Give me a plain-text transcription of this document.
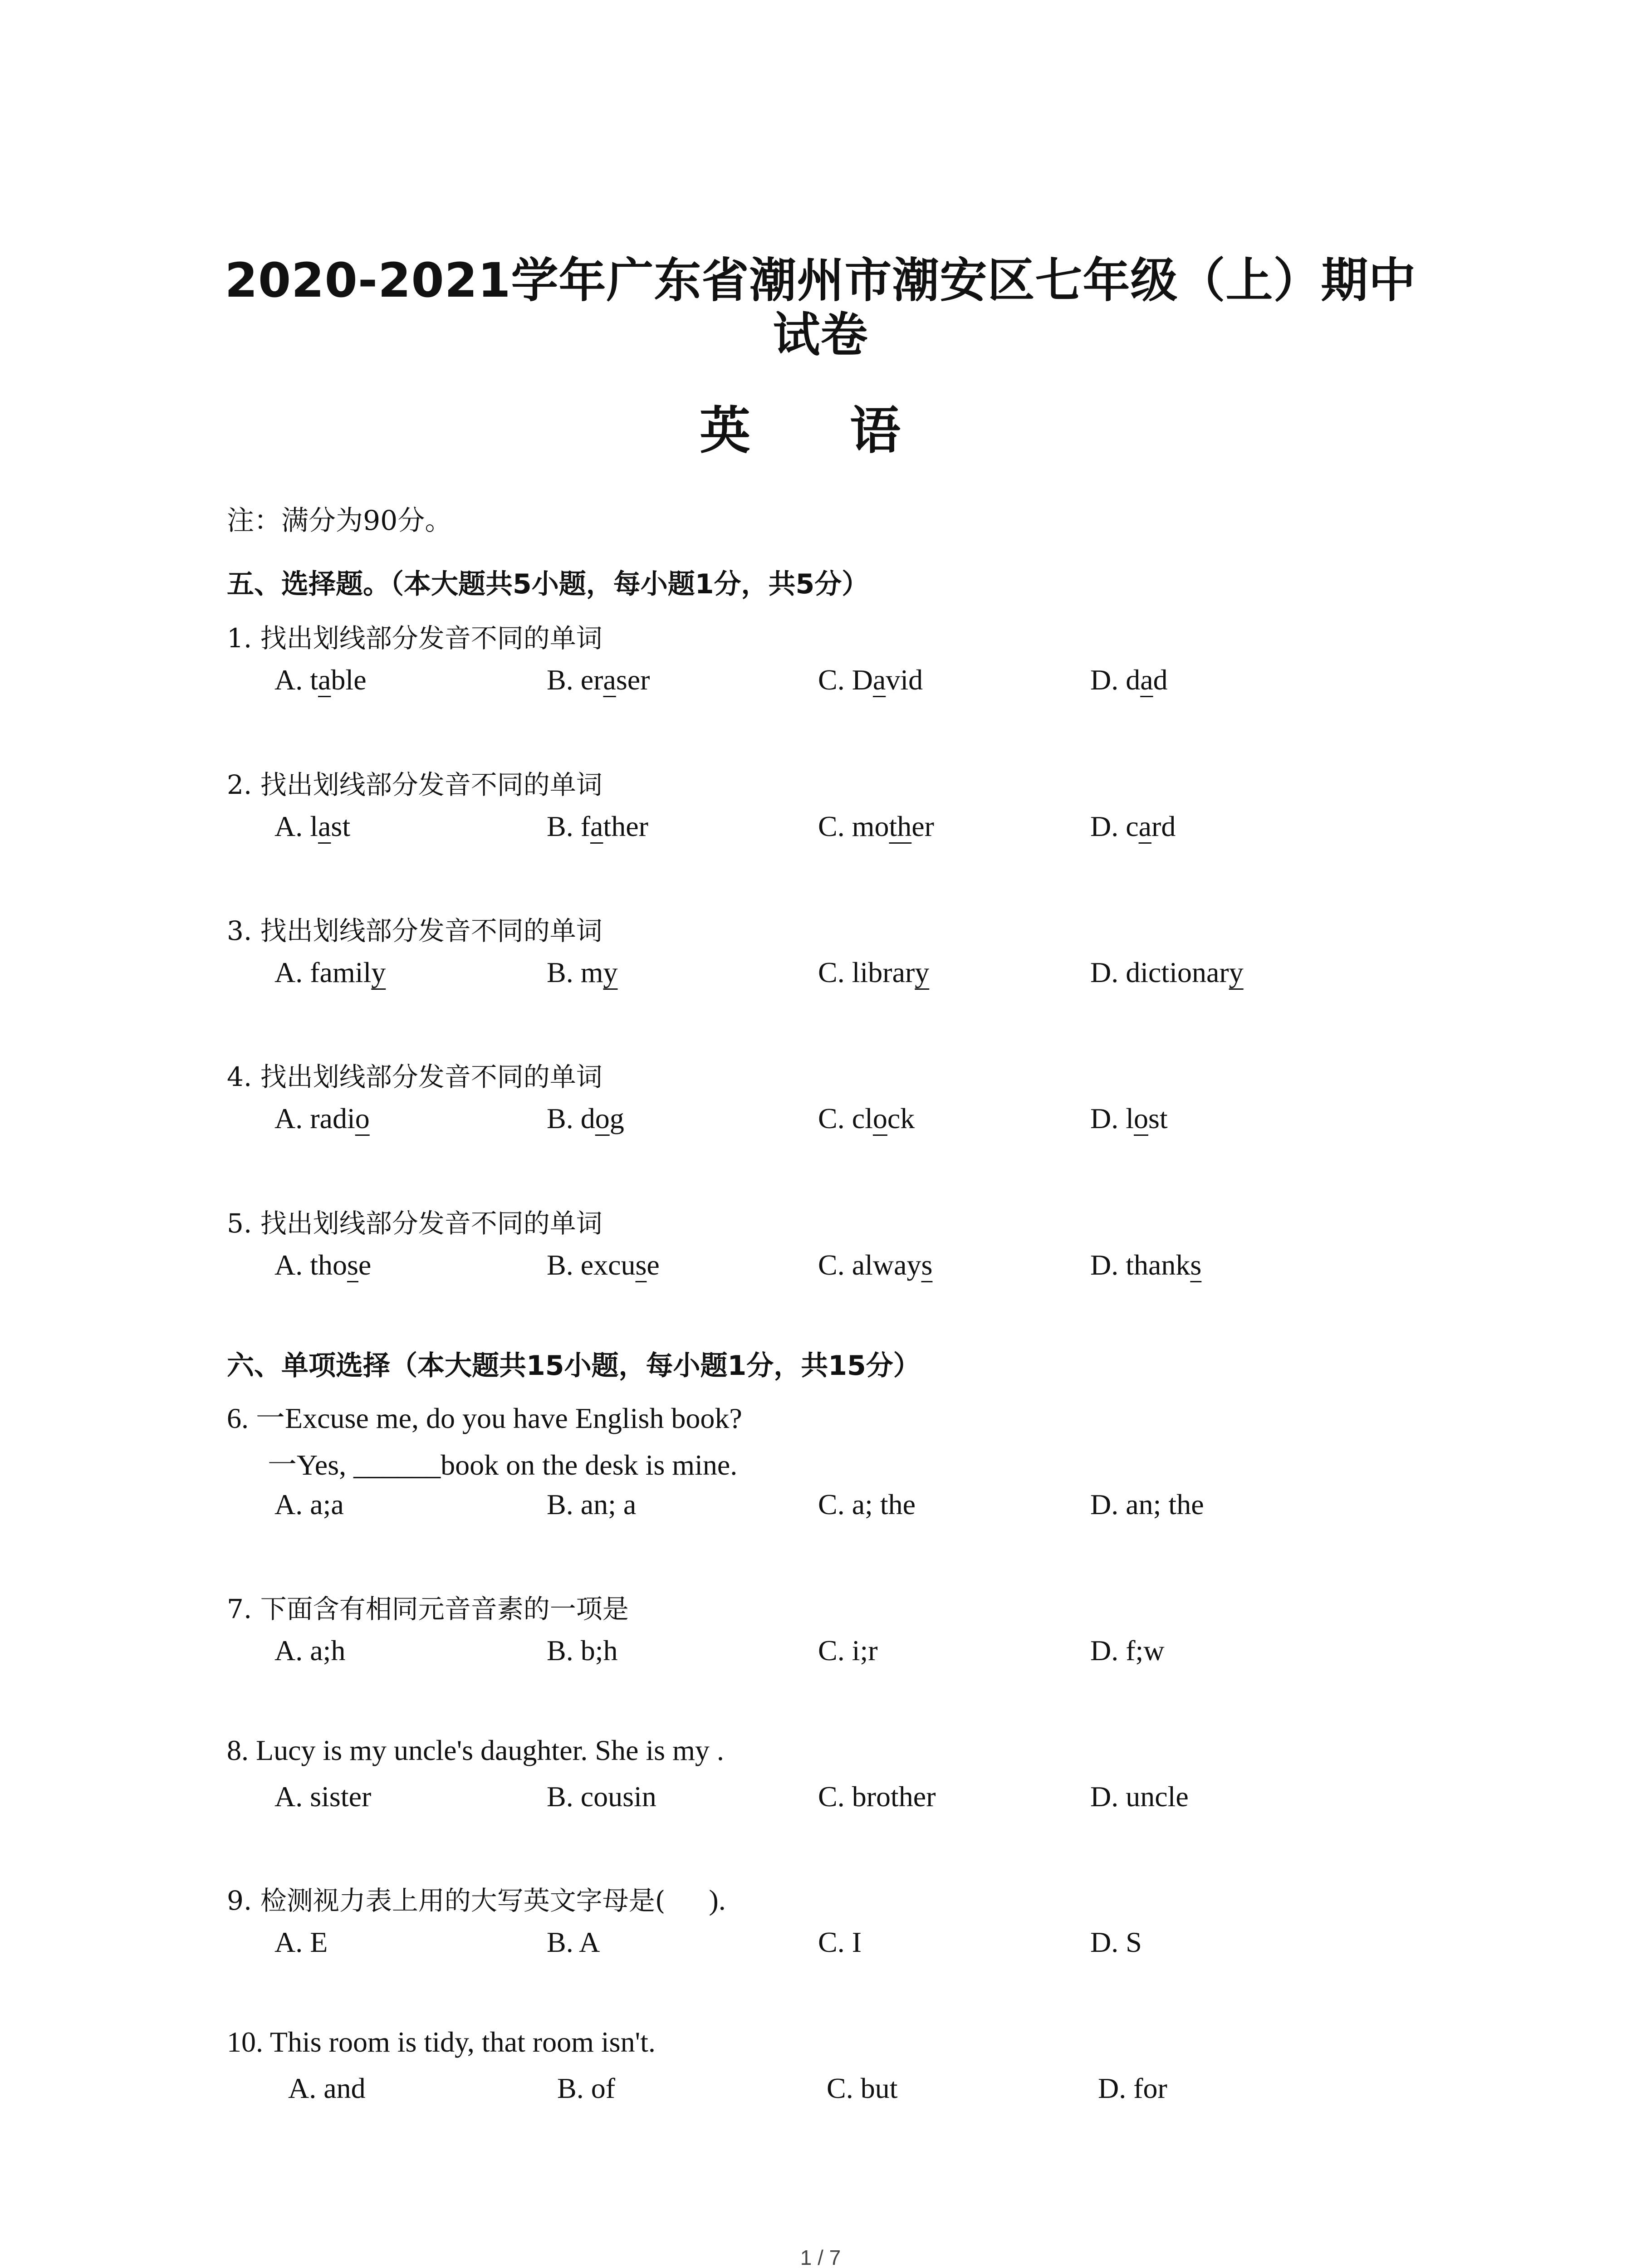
2020-2021学年广东省潮州市潮安区七年级（上）期中
试卷
英 语
注：满分为90分。
五、选择题。（本大题共5小题，每小题1分，共5分）
1. 找出划线部分发音不同的单词
A. table	B. eraser	C. David	D. dad
2. 找出划线部分发音不同的单词
A. last	B. father	C. mother	D. card
3. 找出划线部分发音不同的单词
A. family	B. my	C. library	D. dictionary
4. 找出划线部分发音不同的单词
A. radio	B. dog	C. clock	D. lost
5. 找出划线部分发音不同的单词
A. those	B. excuse	C. always	D. thanks
六、单项选择（本大题共15小题，每小题1分，共15分）
6. 一Excuse me, do you have English book?
一Yes, ______book on the desk is mine.
A. a;a	B. an; a	C. a; the	D. an; the
7. 下面含有相同元音音素的一项是
A. a;h	B. b;h	C. i;r	D. f;w
8. Lucy is my uncle's daughter. She is my .
A. sister	B. cousin	C. brother	D. uncle
9. 检测视力表上用的大写英文字母是(      ).
A. E	B. A	C. I	D. S
10. This room is tidy, that room isn't.
A. and	B. of	C. but	D. for
1 / 7
